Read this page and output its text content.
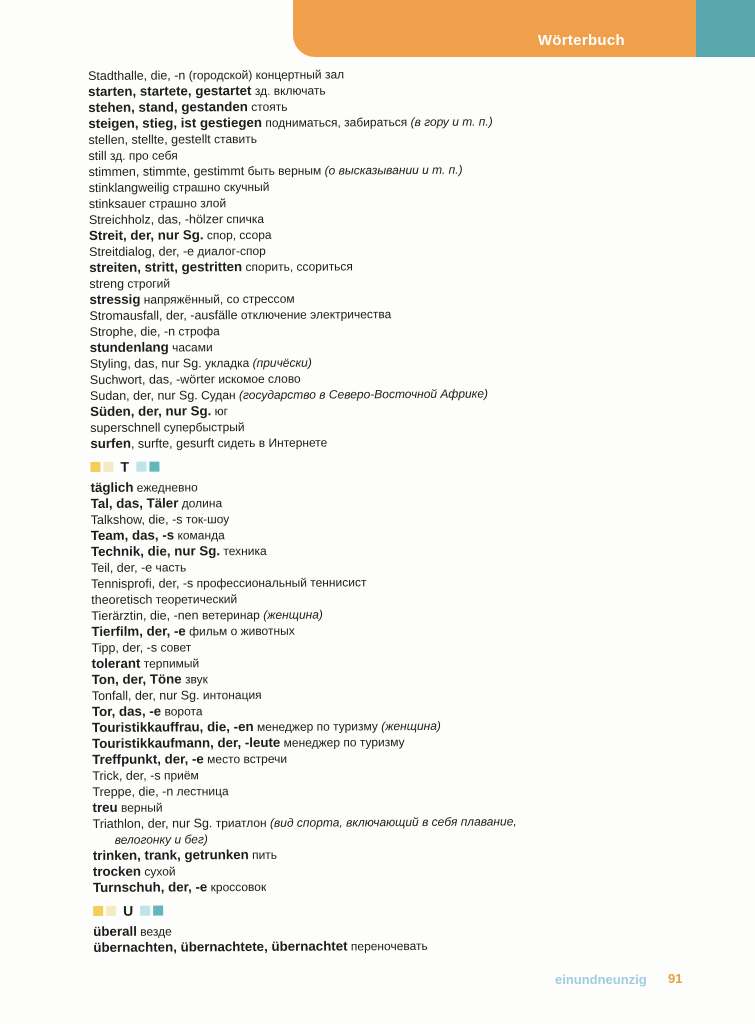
Wörterbuch
Stadthalle, die, -n (городской) концертный зал
starten, startete, gestartet зд. включать
stehen, stand, gestanden стоять
steigen, stieg, ist gestiegen подниматься, забираться (в гору и т. п.)
stellen, stellte, gestellt ставить
still зд. про себя
stimmen, stimmte, gestimmt быть верным (о высказывании и т. п.)
stinklangweilig страшно скучный
stinksauer страшно злой
Streichholz, das, -hölzer спичка
Streit, der, nur Sg. спор, ссора
Streitdialog, der, -e диалог-спор
streiten, stritt, gestritten спорить, ссориться
streng строгий
stressig напряжённый, со стрессом
Stromausfall, der, -ausfälle отключение электричества
Strophe, die, -n строфа
stundenlang часами
Styling, das, nur Sg. укладка (причёски)
Suchwort, das, -wörter искомое слово
Sudan, der, nur Sg. Судан (государство в Северо-Восточной Африке)
Süden, der, nur Sg. юг
superschnell супербыстрый
surfen, surfte, gesurft сидеть в Интернете
T
täglich ежедневно
Tal, das, Täler долина
Talkshow, die, -s ток-шоу
Team, das, -s команда
Technik, die, nur Sg. техника
Teil, der, -e часть
Tennisprofi, der, -s профессиональный теннисист
theoretisch теоретический
Tierärztin, die, -nen ветеринар (женщина)
Tierfilm, der, -e фильм о животных
Tipp, der, -s совет
tolerant терпимый
Ton, der, Töne звук
Tonfall, der, nur Sg. интонация
Tor, das, -e ворота
Touristikkauffrau, die, -en менеджер по туризму (женщина)
Touristikkaufmann, der, -leute менеджер по туризму
Treffpunkt, der, -e место встречи
Trick, der, -s приём
Treppe, die, -n лестница
treu верный
Triathlon, der, nur Sg. триатлон (вид спорта, включающий в себя плавание,
велогонку и бег)
trinken, trank, getrunken пить
trocken сухой
Turnschuh, der, -e кроссовок
U
überall везде
übernachten, übernachtete, übernachtet переночевать
einundneunzig 91
